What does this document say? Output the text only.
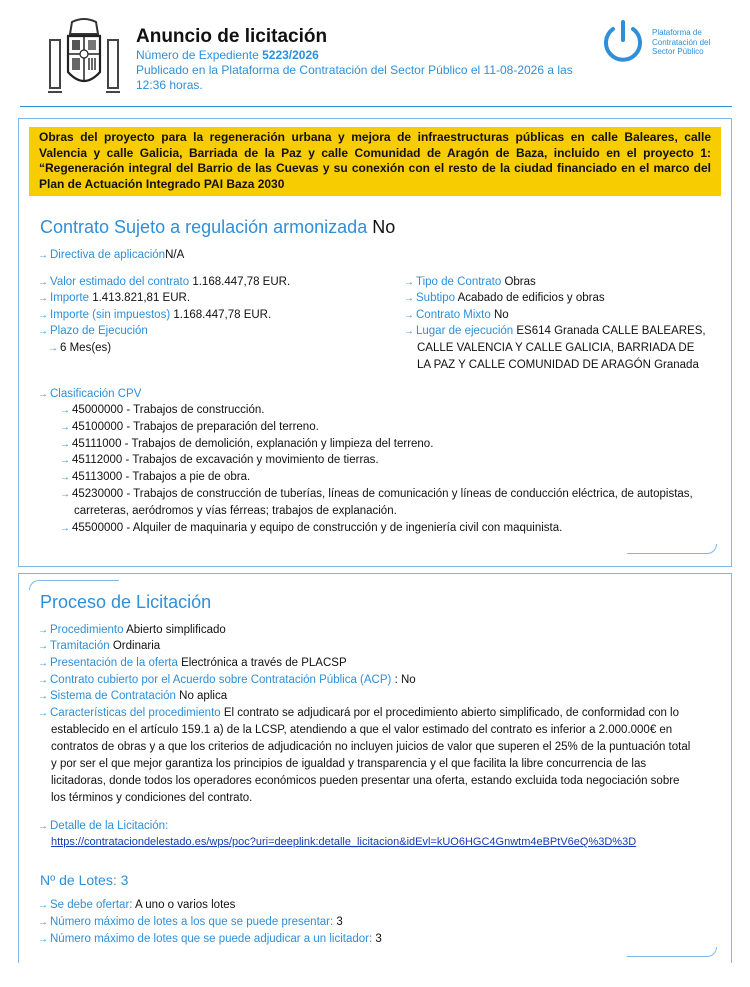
Anuncio de licitación
Número de Expediente 5223/2026
Publicado en la Plataforma de Contratación del Sector Público el 11-08-2026 a las 12:36 horas.
Plataforma de Contratación del Sector Público
Obras del proyecto para la regeneración urbana y mejora de infraestructuras públicas en calle Baleares, calle Valencia y calle Galicia, Barriada de la Paz y calle Comunidad de Aragón de Baza, incluido en el proyecto 1: “Regeneración integral del Barrio de las Cuevas y su conexión con el resto de la ciudad financiado en el marco del Plan de Actuación Integrado PAI Baza 2030
Contrato Sujeto a regulación armonizada No
→ Directiva de aplicaciónN/A
→ Valor estimado del contrato 1.168.447,78 EUR.
→ Importe 1.413.821,81 EUR.
→ Importe (sin impuestos) 1.168.447,78 EUR.
→ Plazo de Ejecución
→ 6 Mes(es)
→ Tipo de Contrato Obras
→ Subtipo Acabado de edificios y obras
→ Contrato Mixto No
→ Lugar de ejecución ES614 Granada CALLE BALEARES,
CALLE VALENCIA Y CALLE GALICIA, BARRIADA DE
LA PAZ Y CALLE COMUNIDAD DE ARAGÓN Granada
→ Clasificación CPV
→ 45000000 - Trabajos de construcción.
→ 45100000 - Trabajos de preparación del terreno.
→ 45111000 - Trabajos de demolición, explanación y limpieza del terreno.
→ 45112000 - Trabajos de excavación y movimiento de tierras.
→ 45113000 - Trabajos a pie de obra.
→ 45230000 - Trabajos de construcción de tuberías, líneas de comunicación y líneas de conducción eléctrica, de autopistas,
carreteras, aeródromos y vías férreas; trabajos de explanación.
→ 45500000 - Alquiler de maquinaria y equipo de construcción y de ingeniería civil con maquinista.
Proceso de Licitación
→ Procedimiento Abierto simplificado
→ Tramitación Ordinaria
→ Presentación de la oferta Electrónica a través de PLACSP
→ Contrato cubierto por el Acuerdo sobre Contratación Pública (ACP) : No
→ Sistema de Contratación No aplica
→ Características del procedimiento El contrato se adjudicará por el procedimiento abierto simplificado, de conformidad con lo
establecido en el artículo 159.1 a) de la LCSP, atendiendo a que el valor estimado del contrato es inferior a 2.000.000€ en
contratos de obras y a que los criterios de adjudicación no incluyen juicios de valor que superen el 25% de la puntuación total
y por ser el que mejor garantiza los principios de igualdad y transparencia y el que facilita la libre concurrencia de las
licitadoras, donde todos los operadores económicos pueden presentar una oferta, estando excluida toda negociación sobre
los términos y condiciones del contrato.
→ Detalle de la Licitación:
https://contrataciondelestado.es/wps/poc?uri=deeplink:detalle_licitacion&idEvl=kUO6HGC4Gnwtm4eBPtV6eQ%3D%3D
Nº de Lotes: 3
→ Se debe ofertar: A uno o varios lotes
→ Número máximo de lotes a los que se puede presentar: 3
→ Número máximo de lotes que se puede adjudicar a un licitador: 3
